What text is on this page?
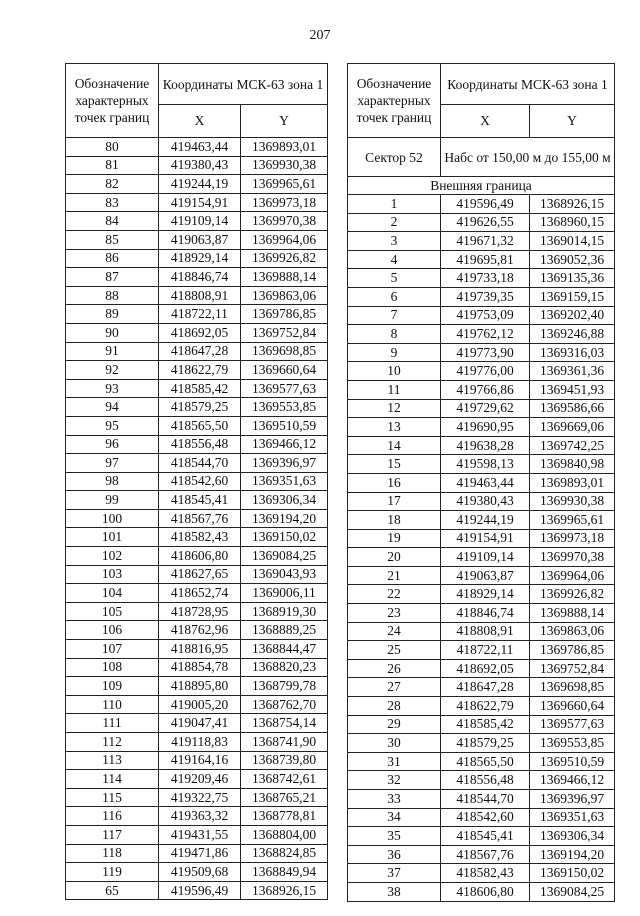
207
Обозначение характерных точек границ	Координаты МСК-63 зона 1	
	X	Y
80	419463,44	1369893,01
81	419380,43	1369930,38
82	419244,19	1369965,61
83	419154,91	1369973,18
84	419109,14	1369970,38
85	419063,87	1369964,06
86	418929,14	1369926,82
87	418846,74	1369888,14
88	418808,91	1369863,06
89	418722,11	1369786,85
90	418692,05	1369752,84
91	418647,28	1369698,85
92	418622,79	1369660,64
93	418585,42	1369577,63
94	418579,25	1369553,85
95	418565,50	1369510,59
96	418556,48	1369466,12
97	418544,70	1369396,97
98	418542,60	1369351,63
99	418545,41	1369306,34
100	418567,76	1369194,20
101	418582,43	1369150,02
102	418606,80	1369084,25
103	418627,65	1369043,93
104	418652,74	1369006,11
105	418728,95	1368919,30
106	418762,96	1368889,25
107	418816,95	1368844,47
108	418854,78	1368820,23
109	418895,80	1368799,78
110	419005,20	1368762,70
111	419047,41	1368754,14
112	419118,83	1368741,90
113	419164,16	1368739,80
114	419209,46	1368742,61
115	419322,75	1368765,21
116	419363,32	1368778,81
117	419431,55	1368804,00
118	419471,86	1368824,85
119	419509,68	1368849,94
65	419596,49	1368926,15
Обозначение характерных точек границ	Координаты МСК-63 зона 1	
	X	Y
Сектор 52	Набс от 150,00 м до 155,00 м	
Внешняя граница		
1	419596,49	1368926,15
2	419626,55	1368960,15
3	419671,32	1369014,15
4	419695,81	1369052,36
5	419733,18	1369135,36
6	419739,35	1369159,15
7	419753,09	1369202,40
8	419762,12	1369246,88
9	419773,90	1369316,03
10	419776,00	1369361,36
11	419766,86	1369451,93
12	419729,62	1369586,66
13	419690,95	1369669,06
14	419638,28	1369742,25
15	419598,13	1369840,98
16	419463,44	1369893,01
17	419380,43	1369930,38
18	419244,19	1369965,61
19	419154,91	1369973,18
20	419109,14	1369970,38
21	419063,87	1369964,06
22	418929,14	1369926,82
23	418846,74	1369888,14
24	418808,91	1369863,06
25	418722,11	1369786,85
26	418692,05	1369752,84
27	418647,28	1369698,85
28	418622,79	1369660,64
29	418585,42	1369577,63
30	418579,25	1369553,85
31	418565,50	1369510,59
32	418556,48	1369466,12
33	418544,70	1369396,97
34	418542,60	1369351,63
35	418545,41	1369306,34
36	418567,76	1369194,20
37	418582,43	1369150,02
38	418606,80	1369084,25
